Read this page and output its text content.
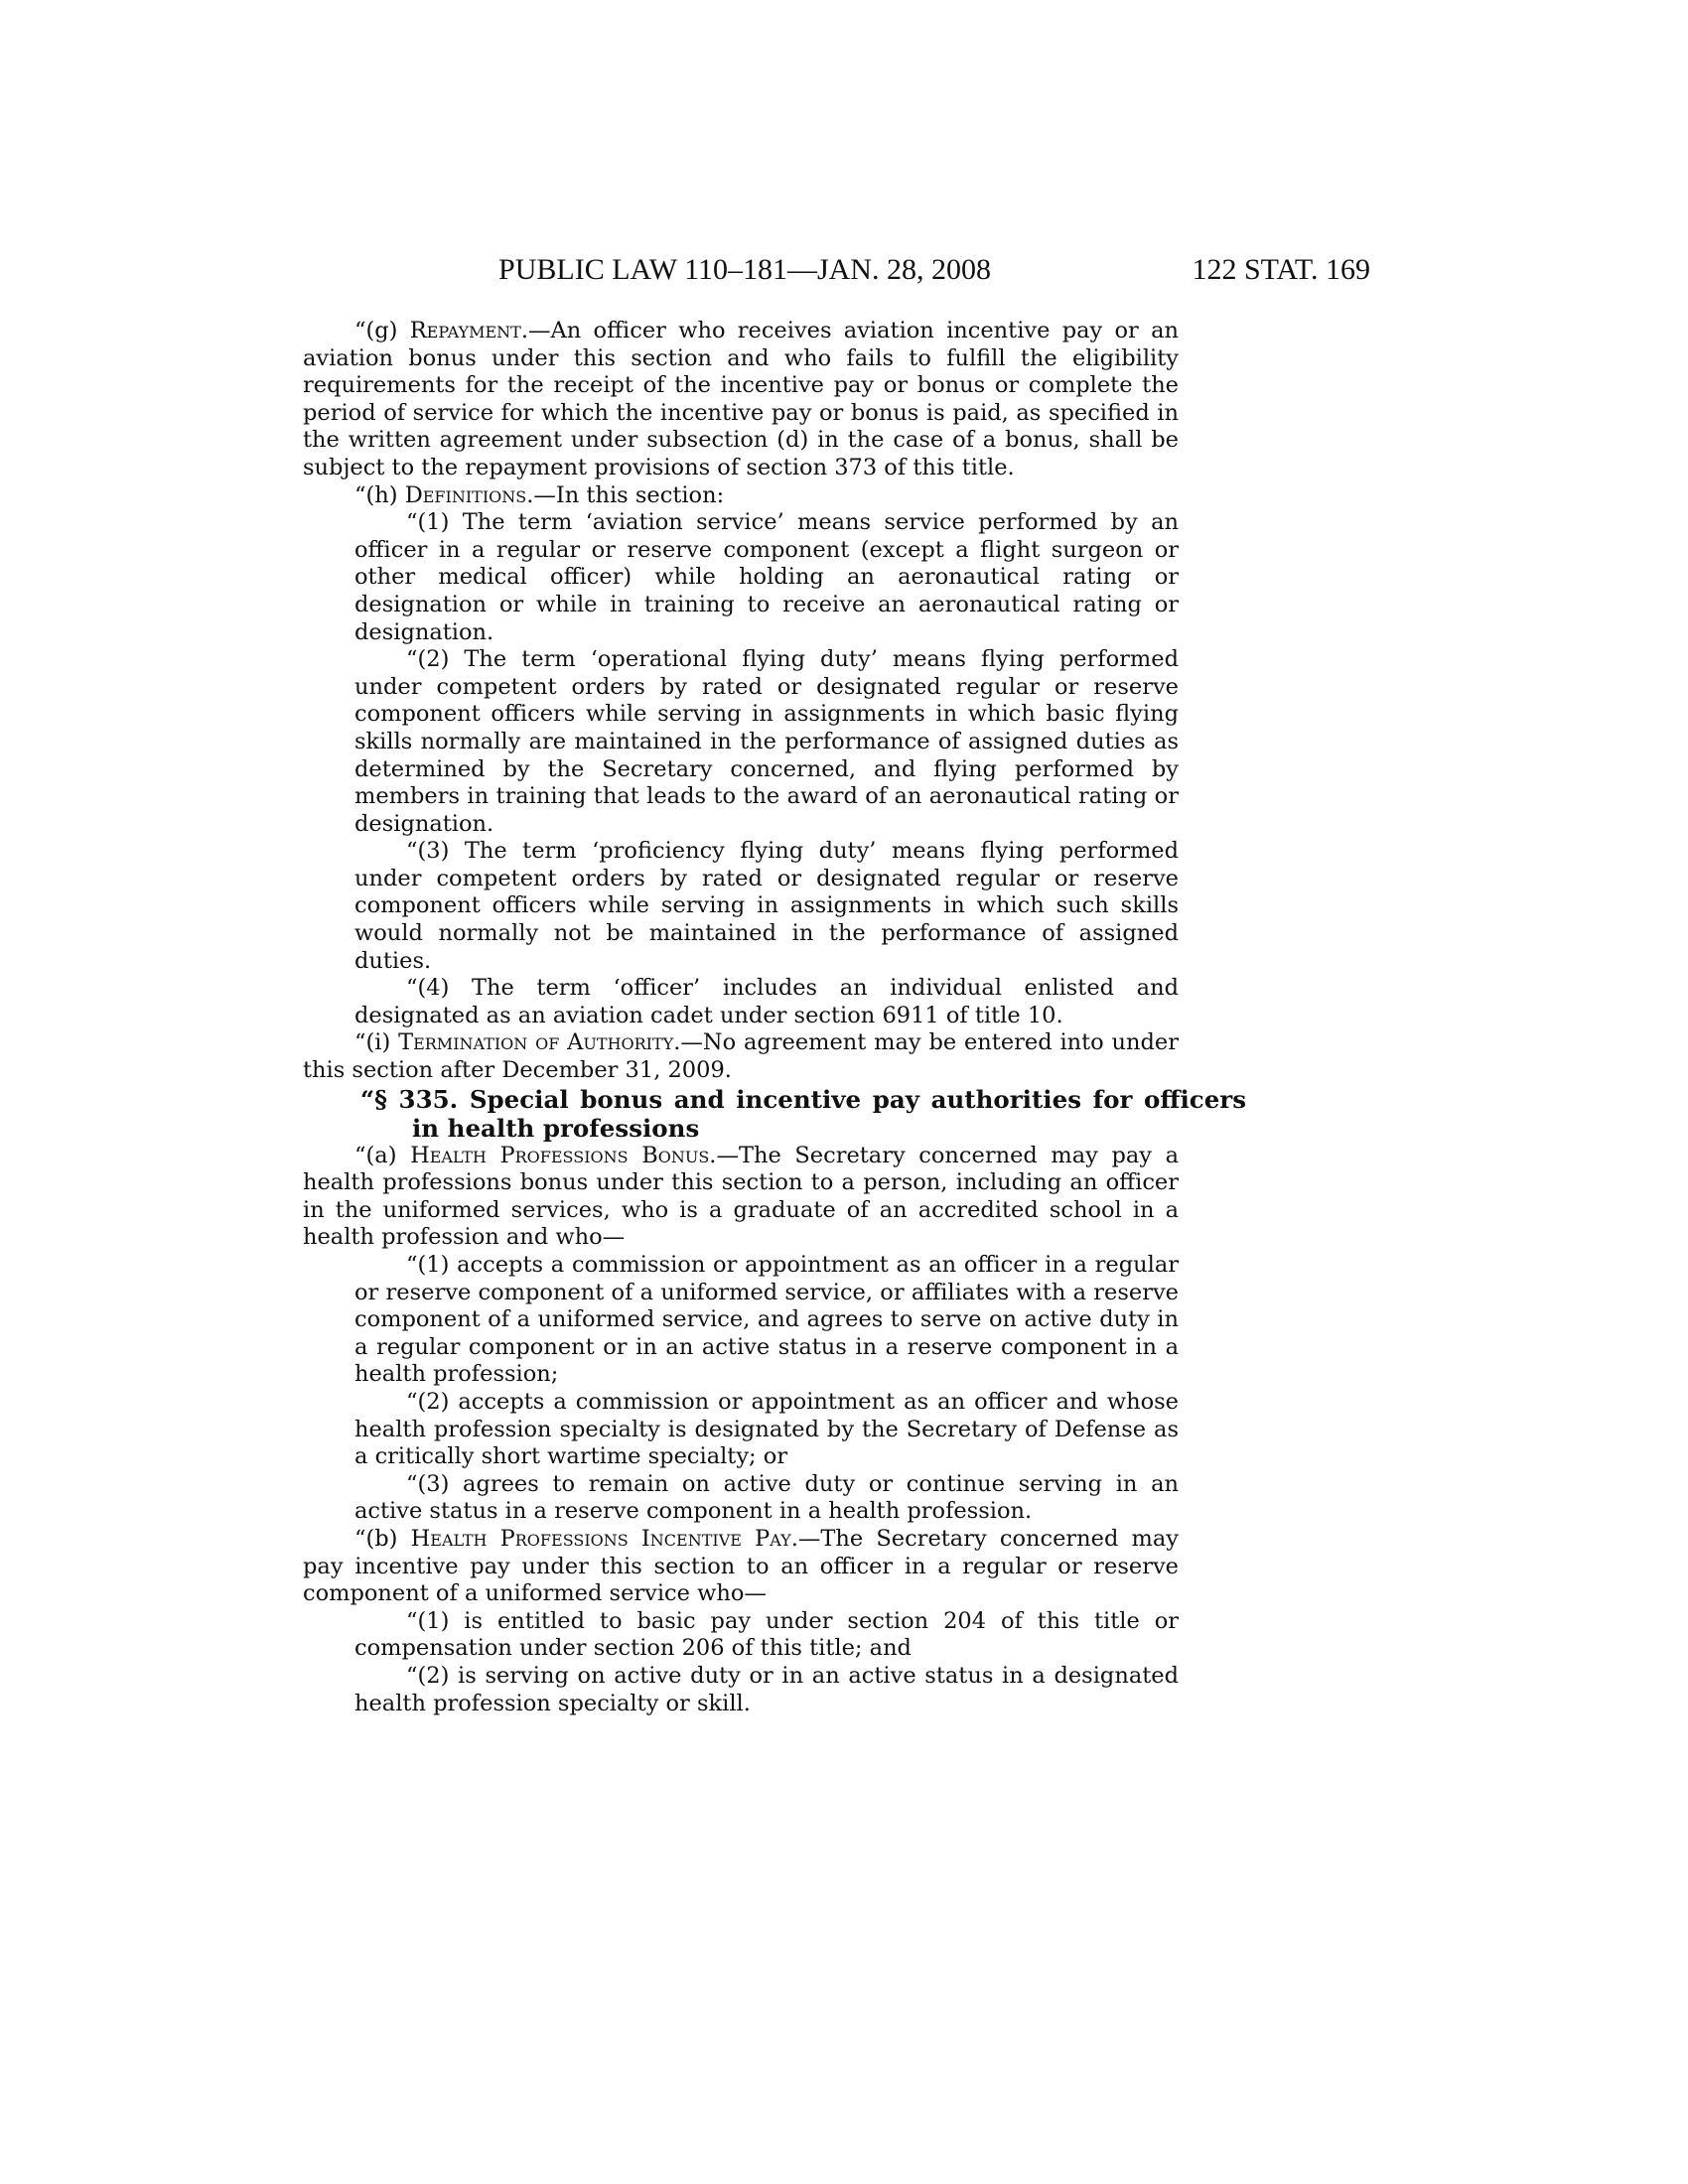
PUBLIC LAW 110–181—JAN. 28, 2008	122 STAT. 169

“(g) Repayment.—An officer who receives aviation incentive pay or an aviation bonus under this section and who fails to fulfill the eligibility requirements for the receipt of the incentive pay or bonus or complete the period of service for which the incentive pay or bonus is paid, as specified in the written agreement under subsection (d) in the case of a bonus, shall be subject to the repayment provisions of section 373 of this title.

“(h) Definitions.—In this section:

“(1) The term ‘aviation service’ means service performed by an officer in a regular or reserve component (except a flight surgeon or other medical officer) while holding an aeronautical rating or designation or while in training to receive an aeronautical rating or designation.

“(2) The term ‘operational flying duty’ means flying performed under competent orders by rated or designated regular or reserve component officers while serving in assignments in which basic flying skills normally are maintained in the performance of assigned duties as determined by the Secretary concerned, and flying performed by members in training that leads to the award of an aeronautical rating or designation.

“(3) The term ‘proficiency flying duty’ means flying performed under competent orders by rated or designated regular or reserve component officers while serving in assignments in which such skills would normally not be maintained in the performance of assigned duties.

“(4) The term ‘officer’ includes an individual enlisted and designated as an aviation cadet under section 6911 of title 10.

“(i) Termination of Authority.—No agreement may be entered into under this section after December 31, 2009.

“§ 335. Special bonus and incentive pay authorities for officers in health professions

“(a) Health Professions Bonus.—The Secretary concerned may pay a health professions bonus under this section to a person, including an officer in the uniformed services, who is a graduate of an accredited school in a health profession and who—

“(1) accepts a commission or appointment as an officer in a regular or reserve component of a uniformed service, or affiliates with a reserve component of a uniformed service, and agrees to serve on active duty in a regular component or in an active status in a reserve component in a health profession;

“(2) accepts a commission or appointment as an officer and whose health profession specialty is designated by the Secretary of Defense as a critically short wartime specialty; or

“(3) agrees to remain on active duty or continue serving in an active status in a reserve component in a health profession.

“(b) Health Professions Incentive Pay.—The Secretary concerned may pay incentive pay under this section to an officer in a regular or reserve component of a uniformed service who—

“(1) is entitled to basic pay under section 204 of this title or compensation under section 206 of this title; and

“(2) is serving on active duty or in an active status in a designated health profession specialty or skill.
